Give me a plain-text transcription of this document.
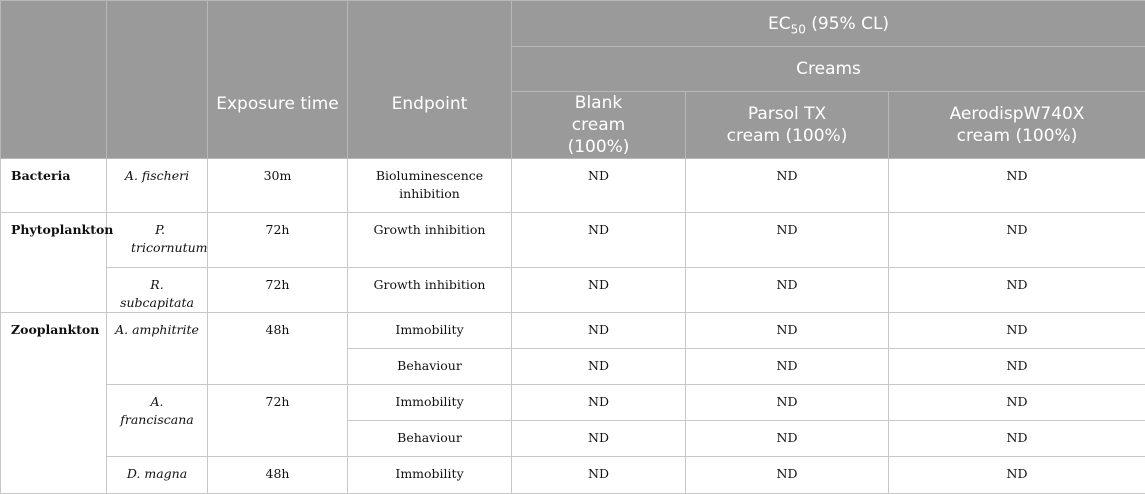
		Exposure time	Endpoint	$EC_{50}$ (95% CL)		
				Creams		
				Blank cream (100%)	Parsol TX cream (100%)	AerodispW740X cream (100%)
Bacteria	A. fischeri	30m	Bioluminescence inhibition	ND	ND	ND
Phytoplankton	P. tricornutum	72h	Growth inhibition	ND	ND	ND
	R. subcapitata	72h	Growth inhibition	ND	ND	ND
Zooplankton	A. amphitrite	48h	Immobility	ND	ND	ND
			Behaviour	ND	ND	ND
	A. franciscana	72h	Immobility	ND	ND	ND
			Behaviour	ND	ND	ND
	D. magna	48h	Immobility	ND	ND	ND
